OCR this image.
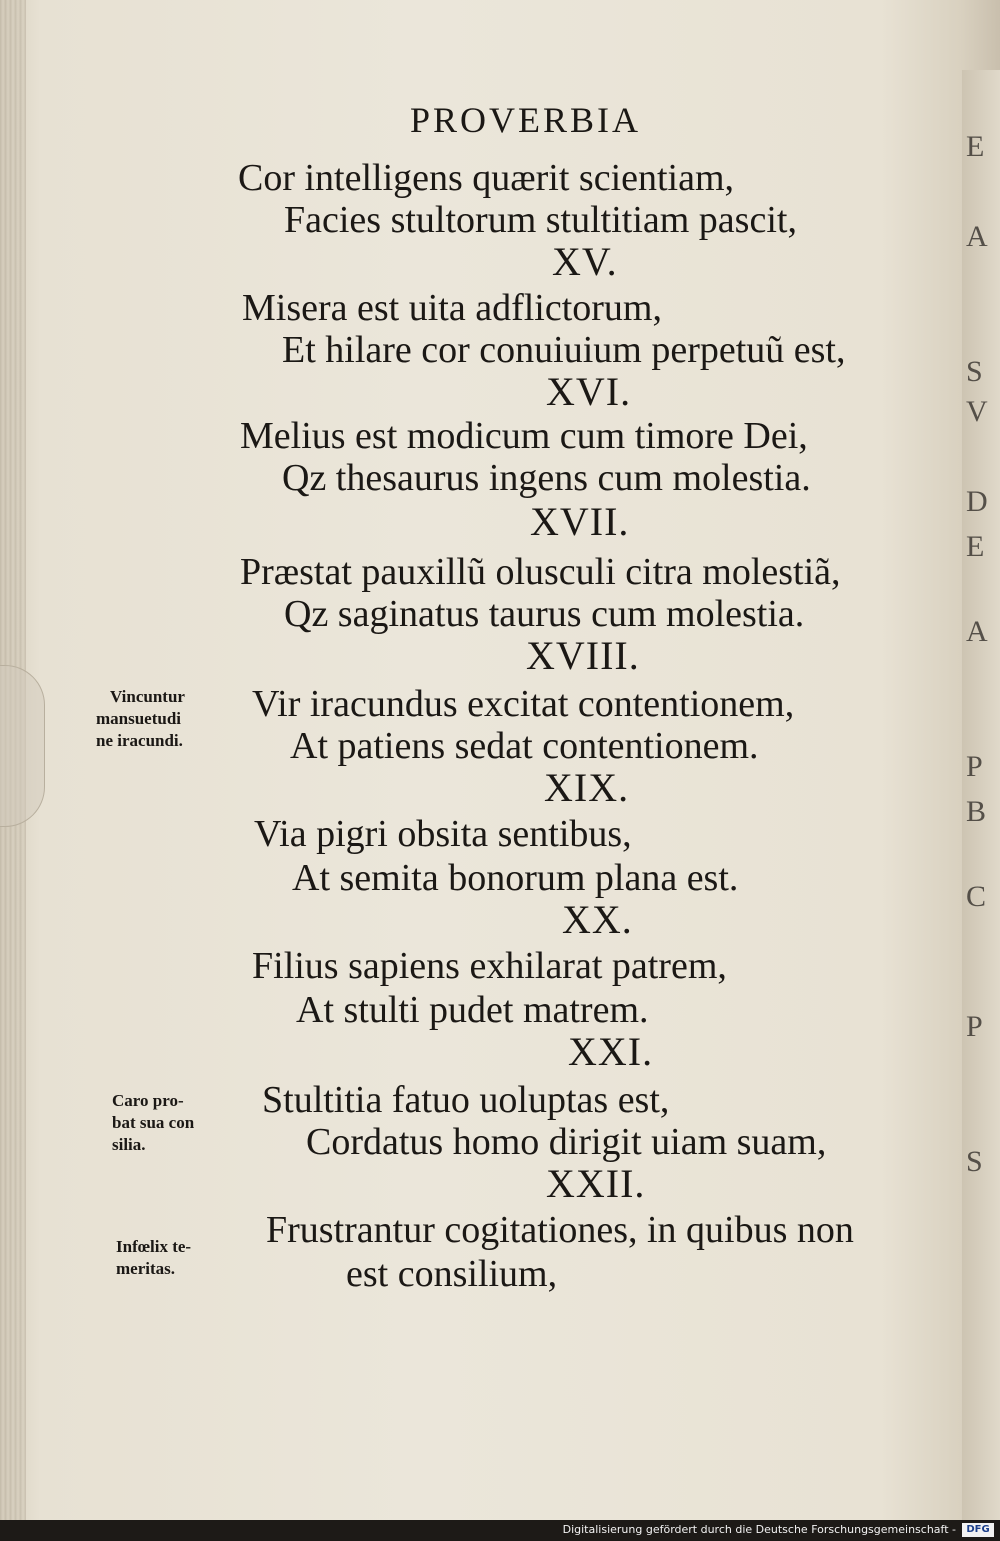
E
A
S
V
D
E
A
P
B
C
P
S
PROVERBIA
Cor intelligens quærit scientiam,
Facies stultorum stultitiam pascit,
XV.
Misera est uita adflictorum,
Et hilare cor conuiuium perpetuũ est,
XVI.
Melius est modicum cum timore Dei,
Qz thesaurus ingens cum molestia.
XVII.
Præstat pauxillũ olusculi citra molestiã,
Qz saginatus taurus cum molestia.
XVIII.
Vir iracundus excitat contentionem,
At patiens sedat contentionem.
XIX.
Via pigri obsita sentibus,
At semita bonorum plana est.
XX.
Filius sapiens exhilarat patrem,
At stulti pudet matrem.
XXI.
Stultitia fatuo uoluptas est,
Cordatus homo dirigit uiam suam,
XXII.
Frustrantur cogitationes, in quibus non
est consilium,
Vincuntur
mansuetudi
ne iracundi.
Caro pro-
bat sua con
silia.
Infœlix te-
meritas.
Digitalisierung gefördert durch die Deutsche Forschungsgemeinschaft -	DFG
